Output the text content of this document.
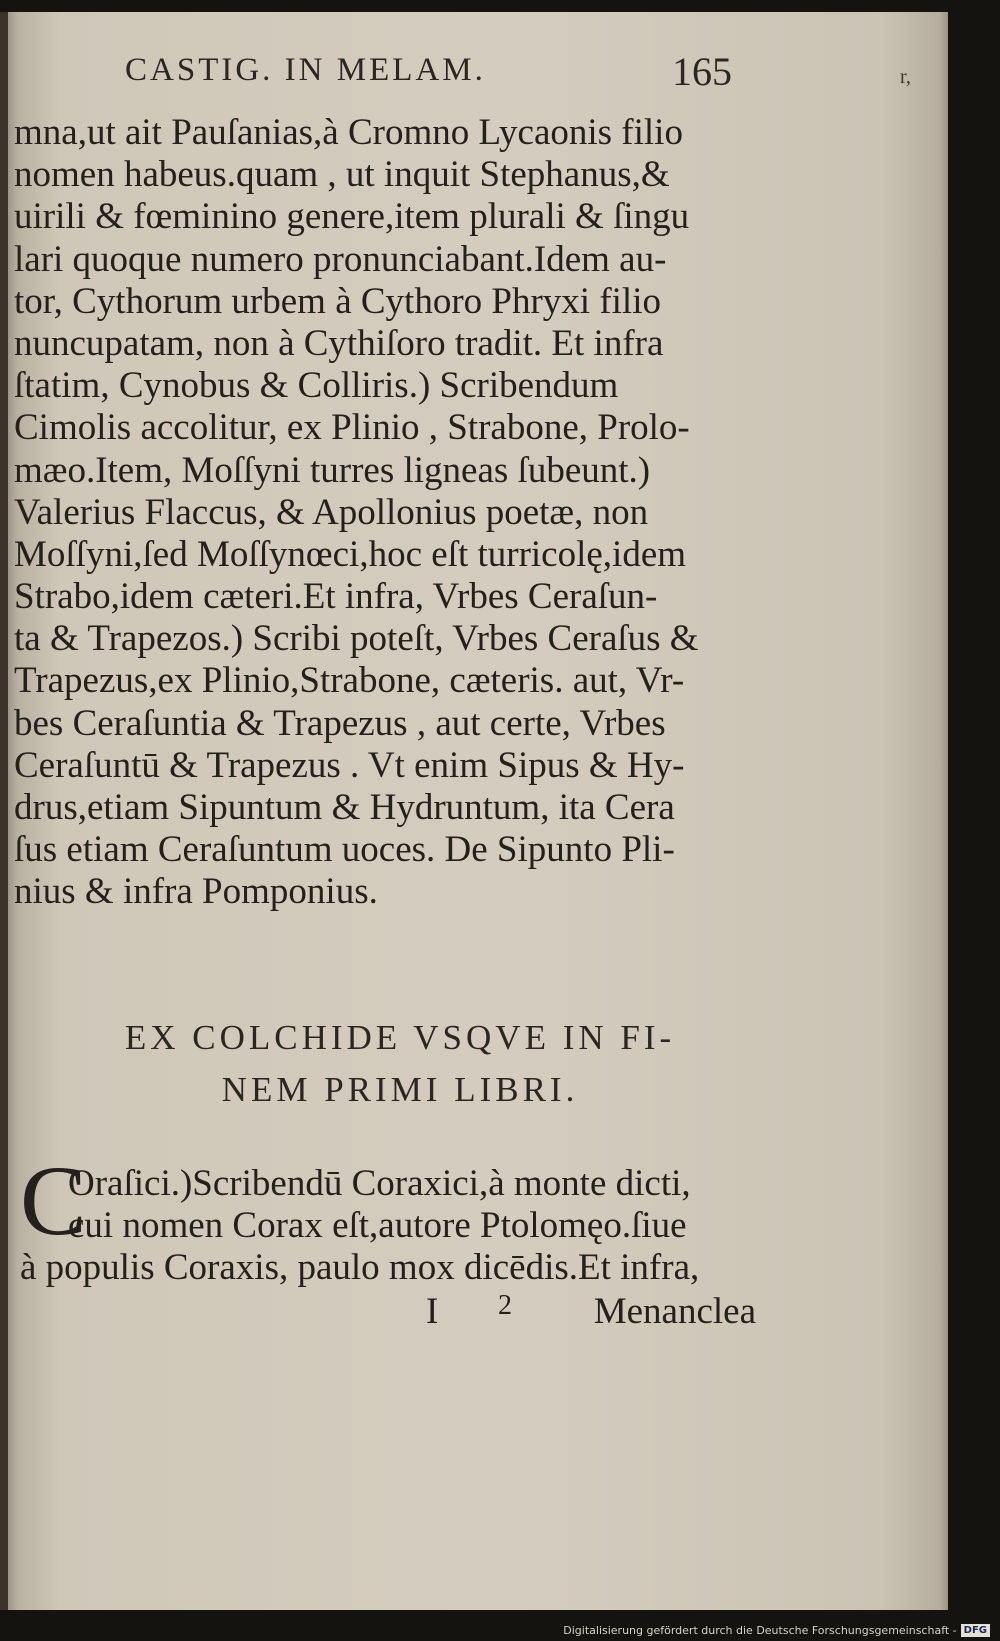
CASTIG. IN MELAM.	165	r,
mna,ut ait Pauſanias,à Cromno Lycaonis filio
nomen habeus.quam , ut inquit Stephanus,&
uirili & fœminino genere,item plurali & ſingu
lari quoque numero pronunciabant.Idem au-
tor, Cythorum urbem à Cythoro Phryxi filio
nuncupatam, non à Cythiſoro tradit. Et infra
ſtatim, Cynobus & Colliris.) Scribendum
Cimolis accolitur, ex Plinio , Strabone, Prolo-
mæo.Item, Moſſyni turres ligneas ſubeunt.)
Valerius Flaccus, & Apollonius poetæ, non
Moſſyni,ſed Moſſynœci,hoc eſt turricolę,idem
Strabo,idem cæteri.Et infra, Vrbes Ceraſun-
ta & Trapezos.) Scribi poteſt, Vrbes Ceraſus &
Trapezus,ex Plinio,Strabone, cæteris. aut, Vr-
bes Ceraſuntia & Trapezus , aut certe, Vrbes
Ceraſuntū & Trapezus . Vt enim Sipus & Hy-
drus,etiam Sipuntum & Hydruntum, ita Cera
ſus etiam Ceraſuntum uoces. De Sipunto Pli-
nius & infra Pomponius.
EX COLCHIDE VSQVE IN FI-
NEM PRIMI LIBRI.
C
Oraſici.)Scribendū Coraxici,à monte dicti,
cui nomen Corax eſt,autore Ptolomęo.ſiue
à populis Coraxis, paulo mox dicēdis.Et infra,
I 2 Menanclea
Digitalisierung gefördert durch die Deutsche Forschungsgemeinschaft - DFG
